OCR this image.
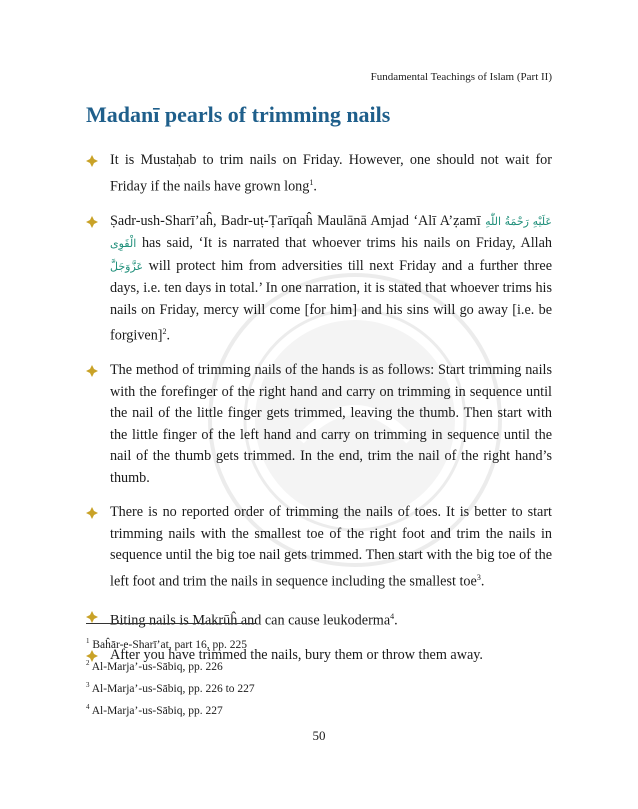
Fundamental Teachings of Islam (Part II)
Madanī pearls of trimming nails
It is Mustaḥab to trim nails on Friday. However, one should not wait for Friday if the nails have grown long$^1$.
Ṣadr-ush-Sharī’aĥ, Badr-uṭ-Ṭarīqaĥ Maulānā Amjad ‘Alī A’ẓamī عَلَيْهِ رَحْمَةُ اللّٰهِ الْقَوِى has said, ‘It is narrated that whoever trims his nails on Friday, Allah عَزَّوَجَلَّ will protect him from adversities till next Friday and a further three days, i.e. ten days in total.’ In one narration, it is stated that whoever trims his nails on Friday, mercy will come [for him] and his sins will go away [i.e. be forgiven]$^2$.
The method of trimming nails of the hands is as follows: Start trimming nails with the forefinger of the right hand and carry on trimming in sequence until the nail of the little finger gets trimmed, leaving the thumb. Then start with the little finger of the left hand and carry on trimming in sequence until the nail of the thumb gets trimmed. In the end, trim the nail of the right hand’s thumb.
There is no reported order of trimming the nails of toes. It is better to start trimming nails with the smallest toe of the right foot and trim the nails in sequence until the big toe nail gets trimmed. Then start with the big toe of the left foot and trim the nails in sequence including the smallest toe$^3$.
Biting nails is Makrūĥ and can cause leukoderma$^4$.
After you have trimmed the nails, bury them or throw them away.
$^1$ Baĥār-e-Sharī’at, part 16, pp. 225
$^2$ Al-Marja’-us-Sābiq, pp. 226
$^3$ Al-Marja’-us-Sābiq, pp. 226 to 227
$^4$ Al-Marja’-us-Sābiq, pp. 227
50
